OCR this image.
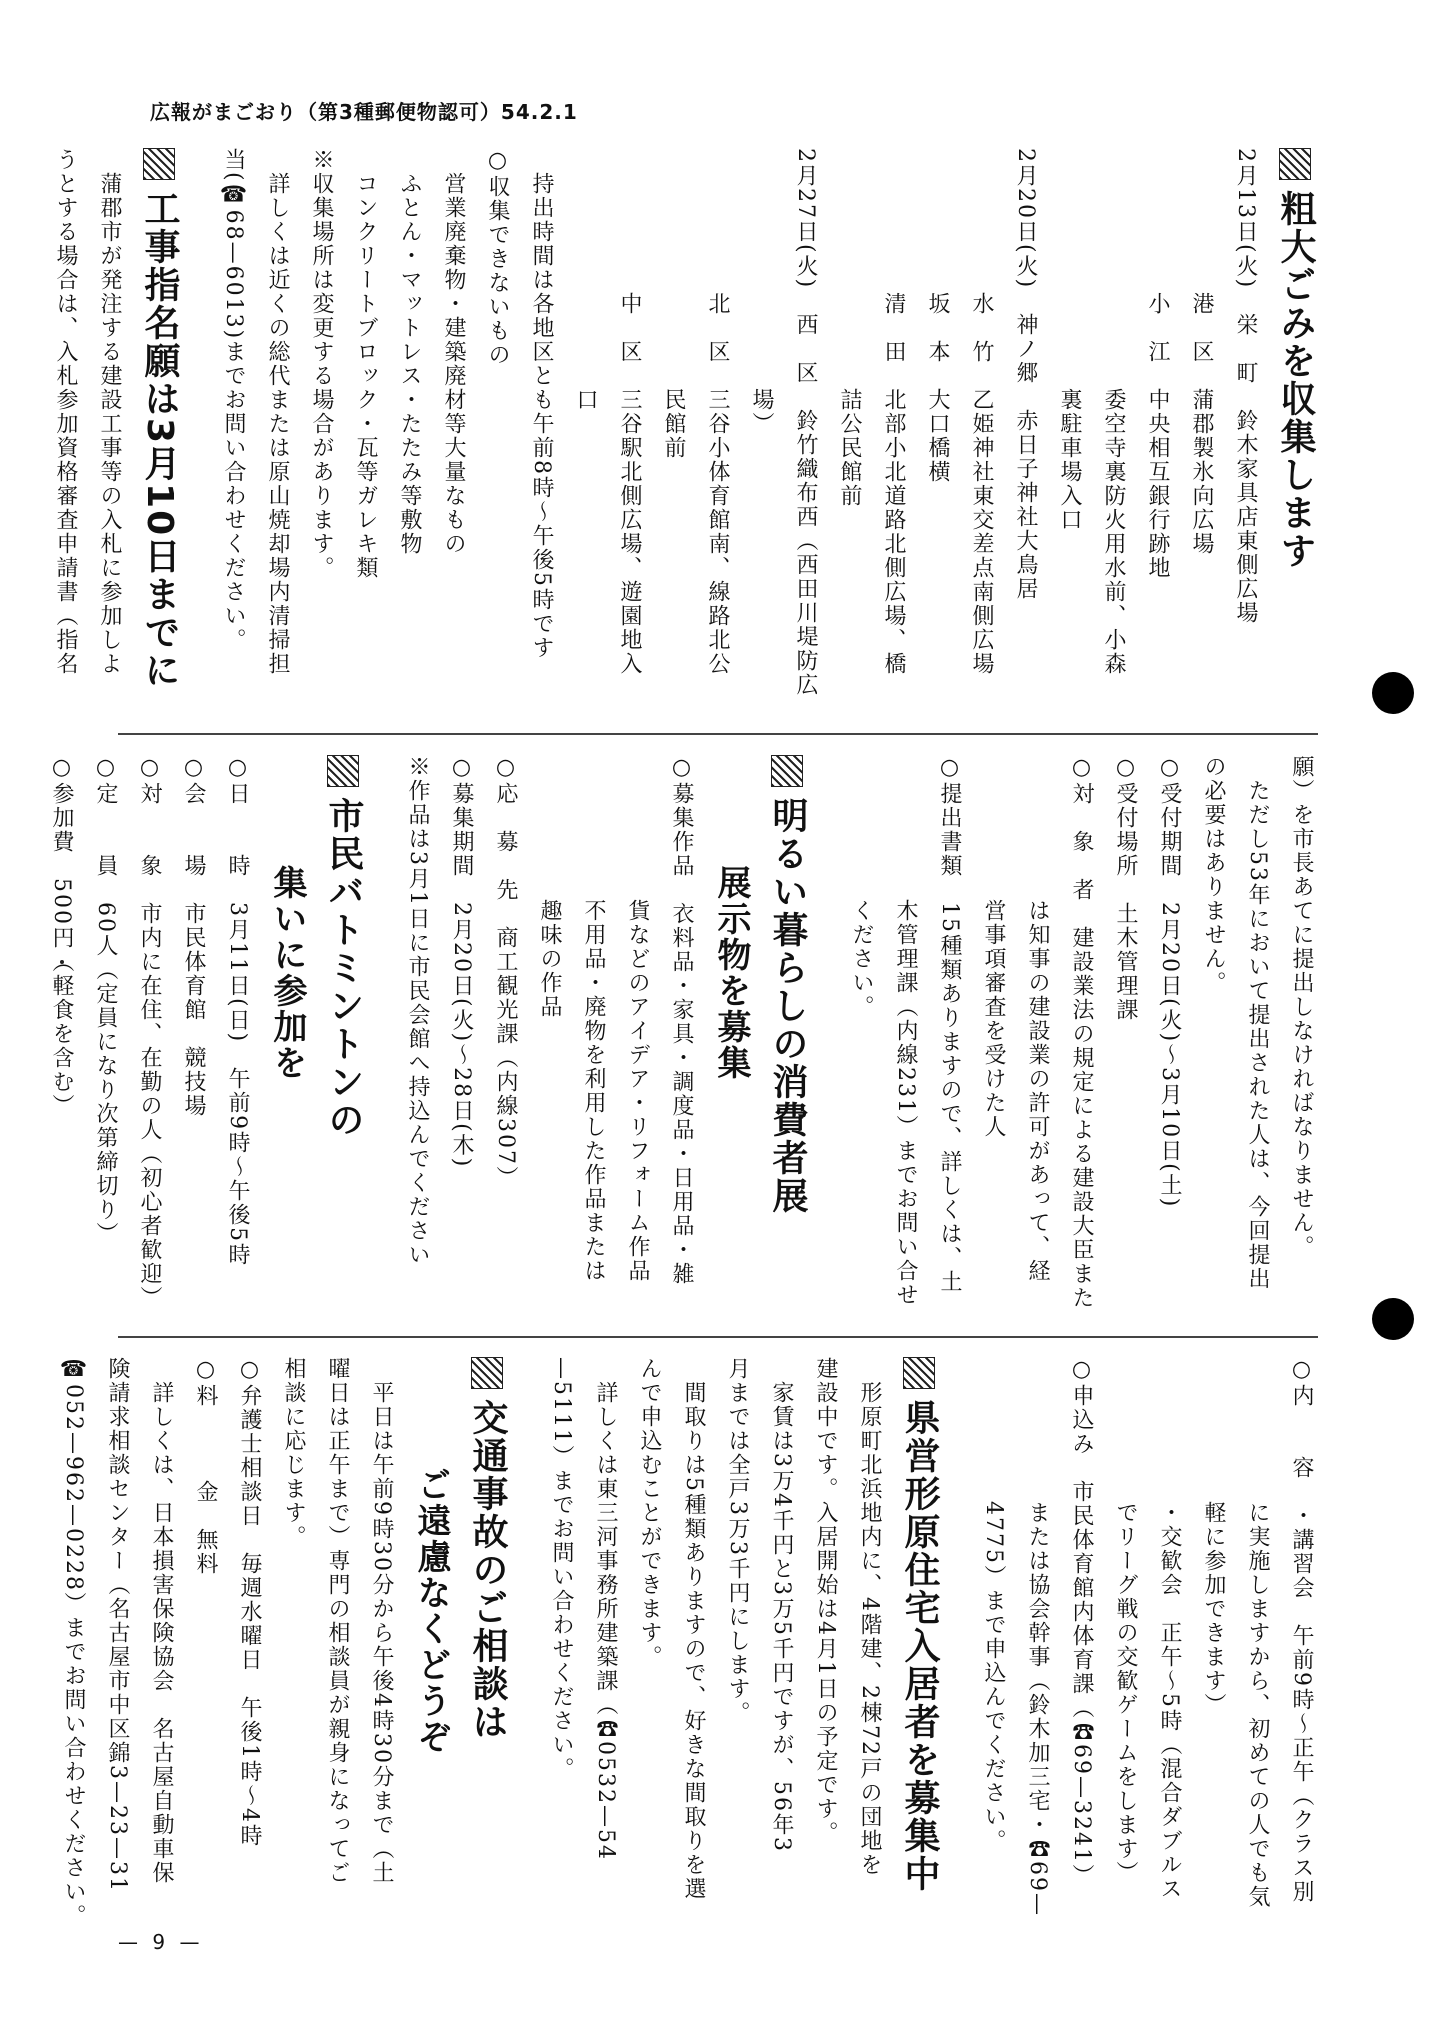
広報がまごおり（第3種郵便物認可）54.2.1
粗大ごみを収集します
2月13日(火)　栄　町　鈴木家具店東側広場
　　　　　　港　区　蒲郡製氷向広場
　　　　　　小　江　中央相互銀行跡地
　　　　　　　　　　委空寺裏防火用水前、小森
　　　　　　　　　　裏駐車場入口
2月20日(火)　神ノ郷　赤日子神社大鳥居
　　　　　　水　竹　乙姫神社東交差点南側広場
　　　　　　坂　本　大口橋横
　　　　　　清　田　北部小北道路北側広場、橋
　　　　　　　　　　詰公民館前
2月27日(火)　西　区　鈴竹織布西（西田川堤防広
　　　　　　　　　　場）
　　　　　　北　区　三谷小体育館南、線路北公
　　　　　　　　　　民館前
　　　　　　中　区　三谷駅北側広場、遊園地入
　　　　　　　　　　口
　持出時間は各地区とも午前8時～午後5時です
○収集できないもの
　営業廃棄物・建築廃材等大量なもの
　ふとん・マットレス・たたみ等敷物
　コンクリートブロック・瓦等ガレキ類
※収集場所は変更する場合があります。
　詳しくは近くの総代または原山焼却場内清掃担
当(☎68—6013)までお問い合わせください。
工事指名願は3月10日までに
　蒲郡市が発注する建設工事等の入札に参加しよ
うとする場合は、入札参加資格審査申請書（指名
願）を市長あてに提出しなければなりません。
　ただし53年において提出された人は、今回提出
の必要はありません。
○受付期間　2月20日(火)～3月10日(土)
○受付場所　土木管理課
○対　象　者　建設業法の規定による建設大臣また
　　　　　　は知事の建設業の許可があって、経
　　　　　　営事項審査を受けた人
○提出書類　15種類ありますので、詳しくは、土
　　　　　　木管理課（内線231）までお問い合せ
　　　　　　ください。
明るい暮らしの消費者展
展示物を募集
○募集作品　衣料品・家具・調度品・日用品・雑
　　　　　　貨などのアイデア・リフォーム作品
　　　　　　不用品・廃物を利用した作品または
　　　　　　趣味の作品
○応　募　先　商工観光課（内線307）
○募集期間　2月20日(火)～28日(木)
※作品は3月1日に市民会館へ持込んでください
市民バトミントンの
集いに参加を
○日　　時　3月11日(日)　午前9時～午後5時
○会　　場　市民体育館　競技場
○対　　象　市内に在住、在勤の人（初心者歓迎）
○定　　員　60人（定員になり次第締切り）
○参加費　500円（軽食を含む）
○内　　容　・講習会　午前9時～正午（クラス別
　　　　　　に実施しますから、初めての人でも気
　　　　　　軽に参加できます）
　　　　　　・交歓会　正午～5時（混合ダブルス
　　　　　　でリーグ戦の交歓ゲームをします）
○申込み　市民体育館内体育課（☎69—3241）
　　　　　　または協会幹事（鈴木加三宅・☎69—
　　　　　　4775）まで申込んでください。
県営形原住宅入居者を募集中
　形原町北浜地内に、4階建、2棟72戸の団地を
建設中です。入居開始は4月1日の予定です。
　家賃は3万4千円と3万5千円ですが、56年3
月までは全戸3万3千円にします。
　間取りは5種類ありますので、好きな間取りを選
んで申込むことができます。
　詳しくは東三河事務所建築課（☎0532—54
—5111）までお問い合わせください。
交通事故のご相談は
ご遠慮なくどうぞ
　平日は午前9時30分から午後4時30分まで（土
曜日は正午まで）専門の相談員が親身になってご
相談に応じます。
○弁護士相談日　毎週水曜日　午後1時～4時
○料　　　金　無料
　詳しくは、日本損害保険協会　名古屋自動車保
険請求相談センター（名古屋市中区錦3—23—31
☎052—962—0228）までお問い合わせください。
— 9 —
